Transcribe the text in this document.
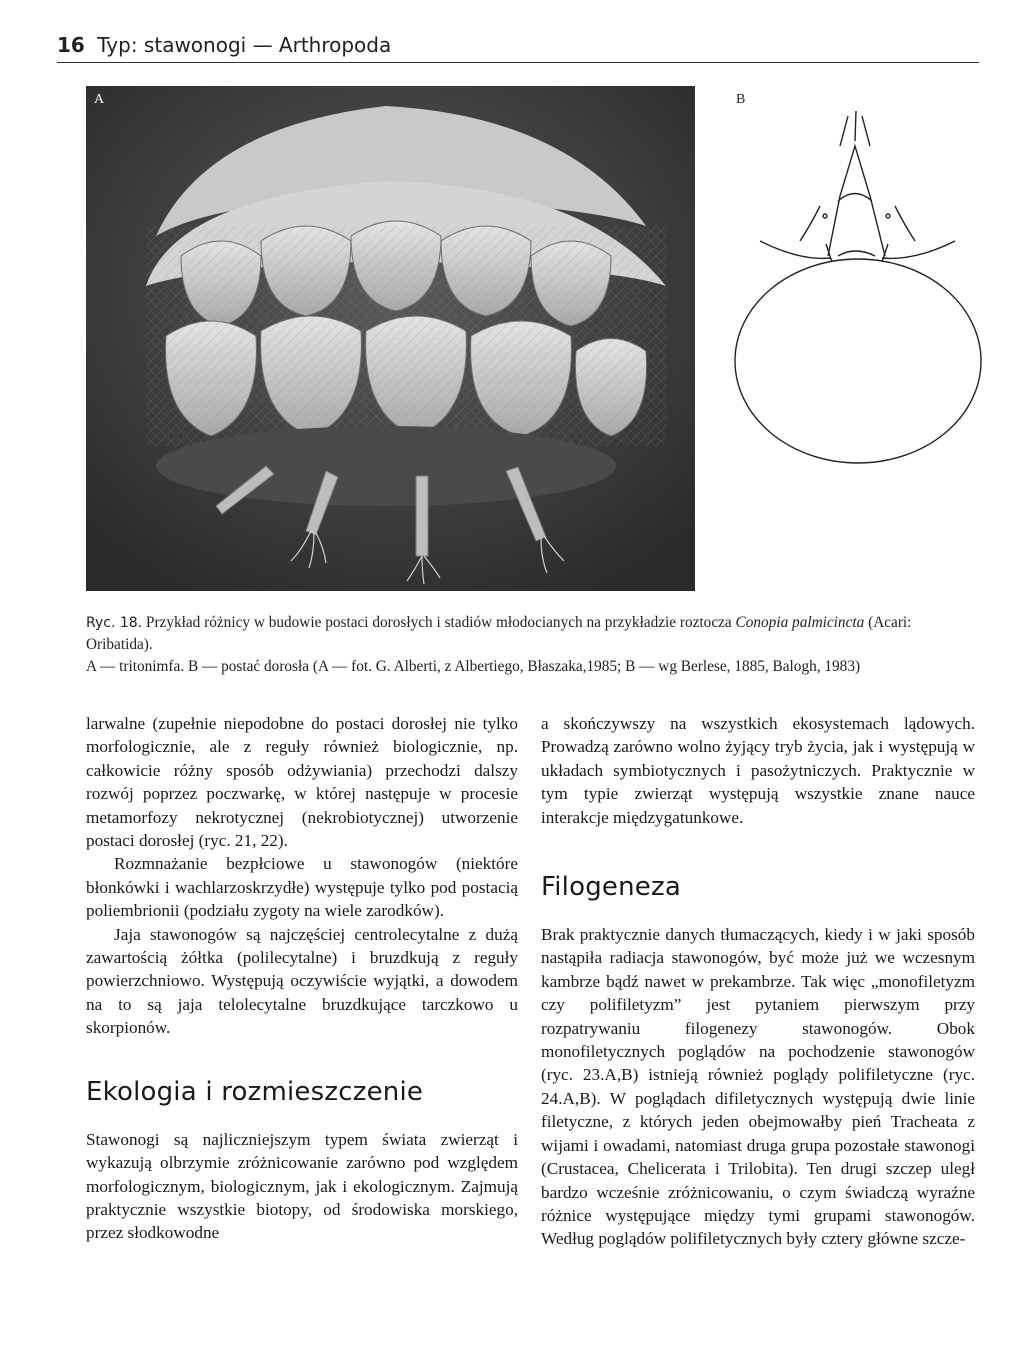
16 Typ: stawonogi — Arthropoda
A	B
Ryc. 18. Przykład różnicy w budowie postaci dorosłych i stadiów młodocianych na przykładzie roztocza Conopia palmicincta (Acari: Oribatida).
A — tritonimfa. B — postać dorosła (A — fot. G. Alberti, z Albertiego, Błaszaka,1985; B — wg Berlese, 1885, Balogh, 1983)

larwalne (zupełnie niepodobne do postaci dorosłej nie tylko morfologicznie, ale z reguły również biologicznie, np. całkowicie różny sposób odżywiania) przechodzi dalszy rozwój poprzez poczwarkę, w której następuje w procesie metamorfozy nekrotycznej (nekrobiotycznej) utworzenie postaci dorosłej (ryc. 21, 22).

Rozmnażanie bezpłciowe u stawonogów (niektóre błonkówki i wachlarzoskrzydłe) występuje tylko pod postacią poliembrionii (podziału zygoty na wiele zarodków).

Jaja stawonogów są najczęściej centrolecytalne z dużą zawartością żółtka (polilecytalne) i bruzdkują z reguły powierzchniowo. Występują oczywiście wyjątki, a dowodem na to są jaja telolecytalne bruzdkujące tarczkowo u skorpionów.

Ekologia i rozmieszczenie

Stawonogi są najliczniejszym typem świata zwierząt i wykazują olbrzymie zróżnicowanie zarówno pod względem morfologicznym, biologicznym, jak i ekologicznym. Zajmują praktycznie wszystkie biotopy, od środowiska morskiego, przez słodkowodne

a skończywszy na wszystkich ekosystemach lądowych. Prowadzą zarówno wolno żyjący tryb życia, jak i występują w układach symbiotycznych i pasożytniczych. Praktycznie w tym typie zwierząt występują wszystkie znane nauce interakcje międzygatunkowe.

Filogeneza

Brak praktycznie danych tłumaczących, kiedy i w jaki sposób nastąpiła radiacja stawonogów, być może już we wczesnym kambrze bądź nawet w prekambrze. Tak więc „monofiletyzm czy polifiletyzm” jest pytaniem pierwszym przy rozpatrywaniu filogenezy stawonogów. Obok monofiletycznych poglądów na pochodzenie stawonogów (ryc. 23.A,B) istnieją również poglądy polifiletyczne (ryc. 24.A,B). W poglądach difiletycznych występują dwie linie filetyczne, z których jeden obejmowałby pień Tracheata z wijami i owadami, natomiast druga grupa pozostałe stawonogi (Crustacea, Chelicerata i Trilobita). Ten drugi szczep uległ bardzo wcześnie zróżnicowaniu, o czym świadczą wyraźne różnice występujące między tymi grupami stawonogów. Według poglądów polifiletycznych były cztery główne szcze-
